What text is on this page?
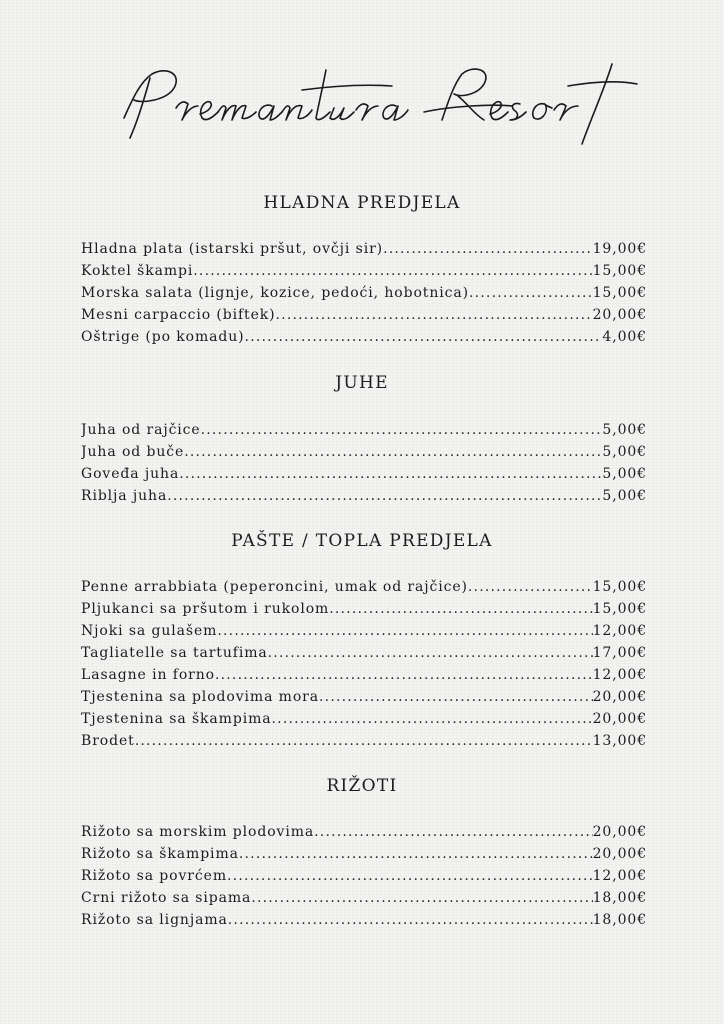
HLADNA PREDJELA
Hladna plata (istarski pršut, ovčji sir) .....	19,00€
Koktel škampi .....	15,00€
Morska salata (lignje, kozice, pedoći, hobotnica) .....	15,00€
Mesni carpaccio (biftek) .....	20,00€
Oštrige (po komadu) .....	4,00€
JUHE
Juha od rajčice .....	5,00€
Juha od buče .....	5,00€
Goveđa juha .....	5,00€
Riblja juha .....	5,00€
PAŠTE / TOPLA PREDJELA
Penne arrabbiata (peperoncini, umak od rajčice) .....	15,00€
Pljukanci sa pršutom i rukolom .....	15,00€
Njoki sa gulašem .....	12,00€
Tagliatelle sa tartufima .....	17,00€
Lasagne in forno .....	12,00€
Tjestenina sa plodovima mora .....	20,00€
Tjestenina sa škampima .....	20,00€
Brodet .....	13,00€
RIŽOTI
Rižoto sa morskim plodovima .....	20,00€
Rižoto sa škampima .....	20,00€
Rižoto sa povrćem .....	12,00€
Crni rižoto sa sipama .....	18,00€
Rižoto sa lignjama .....	18,00€
